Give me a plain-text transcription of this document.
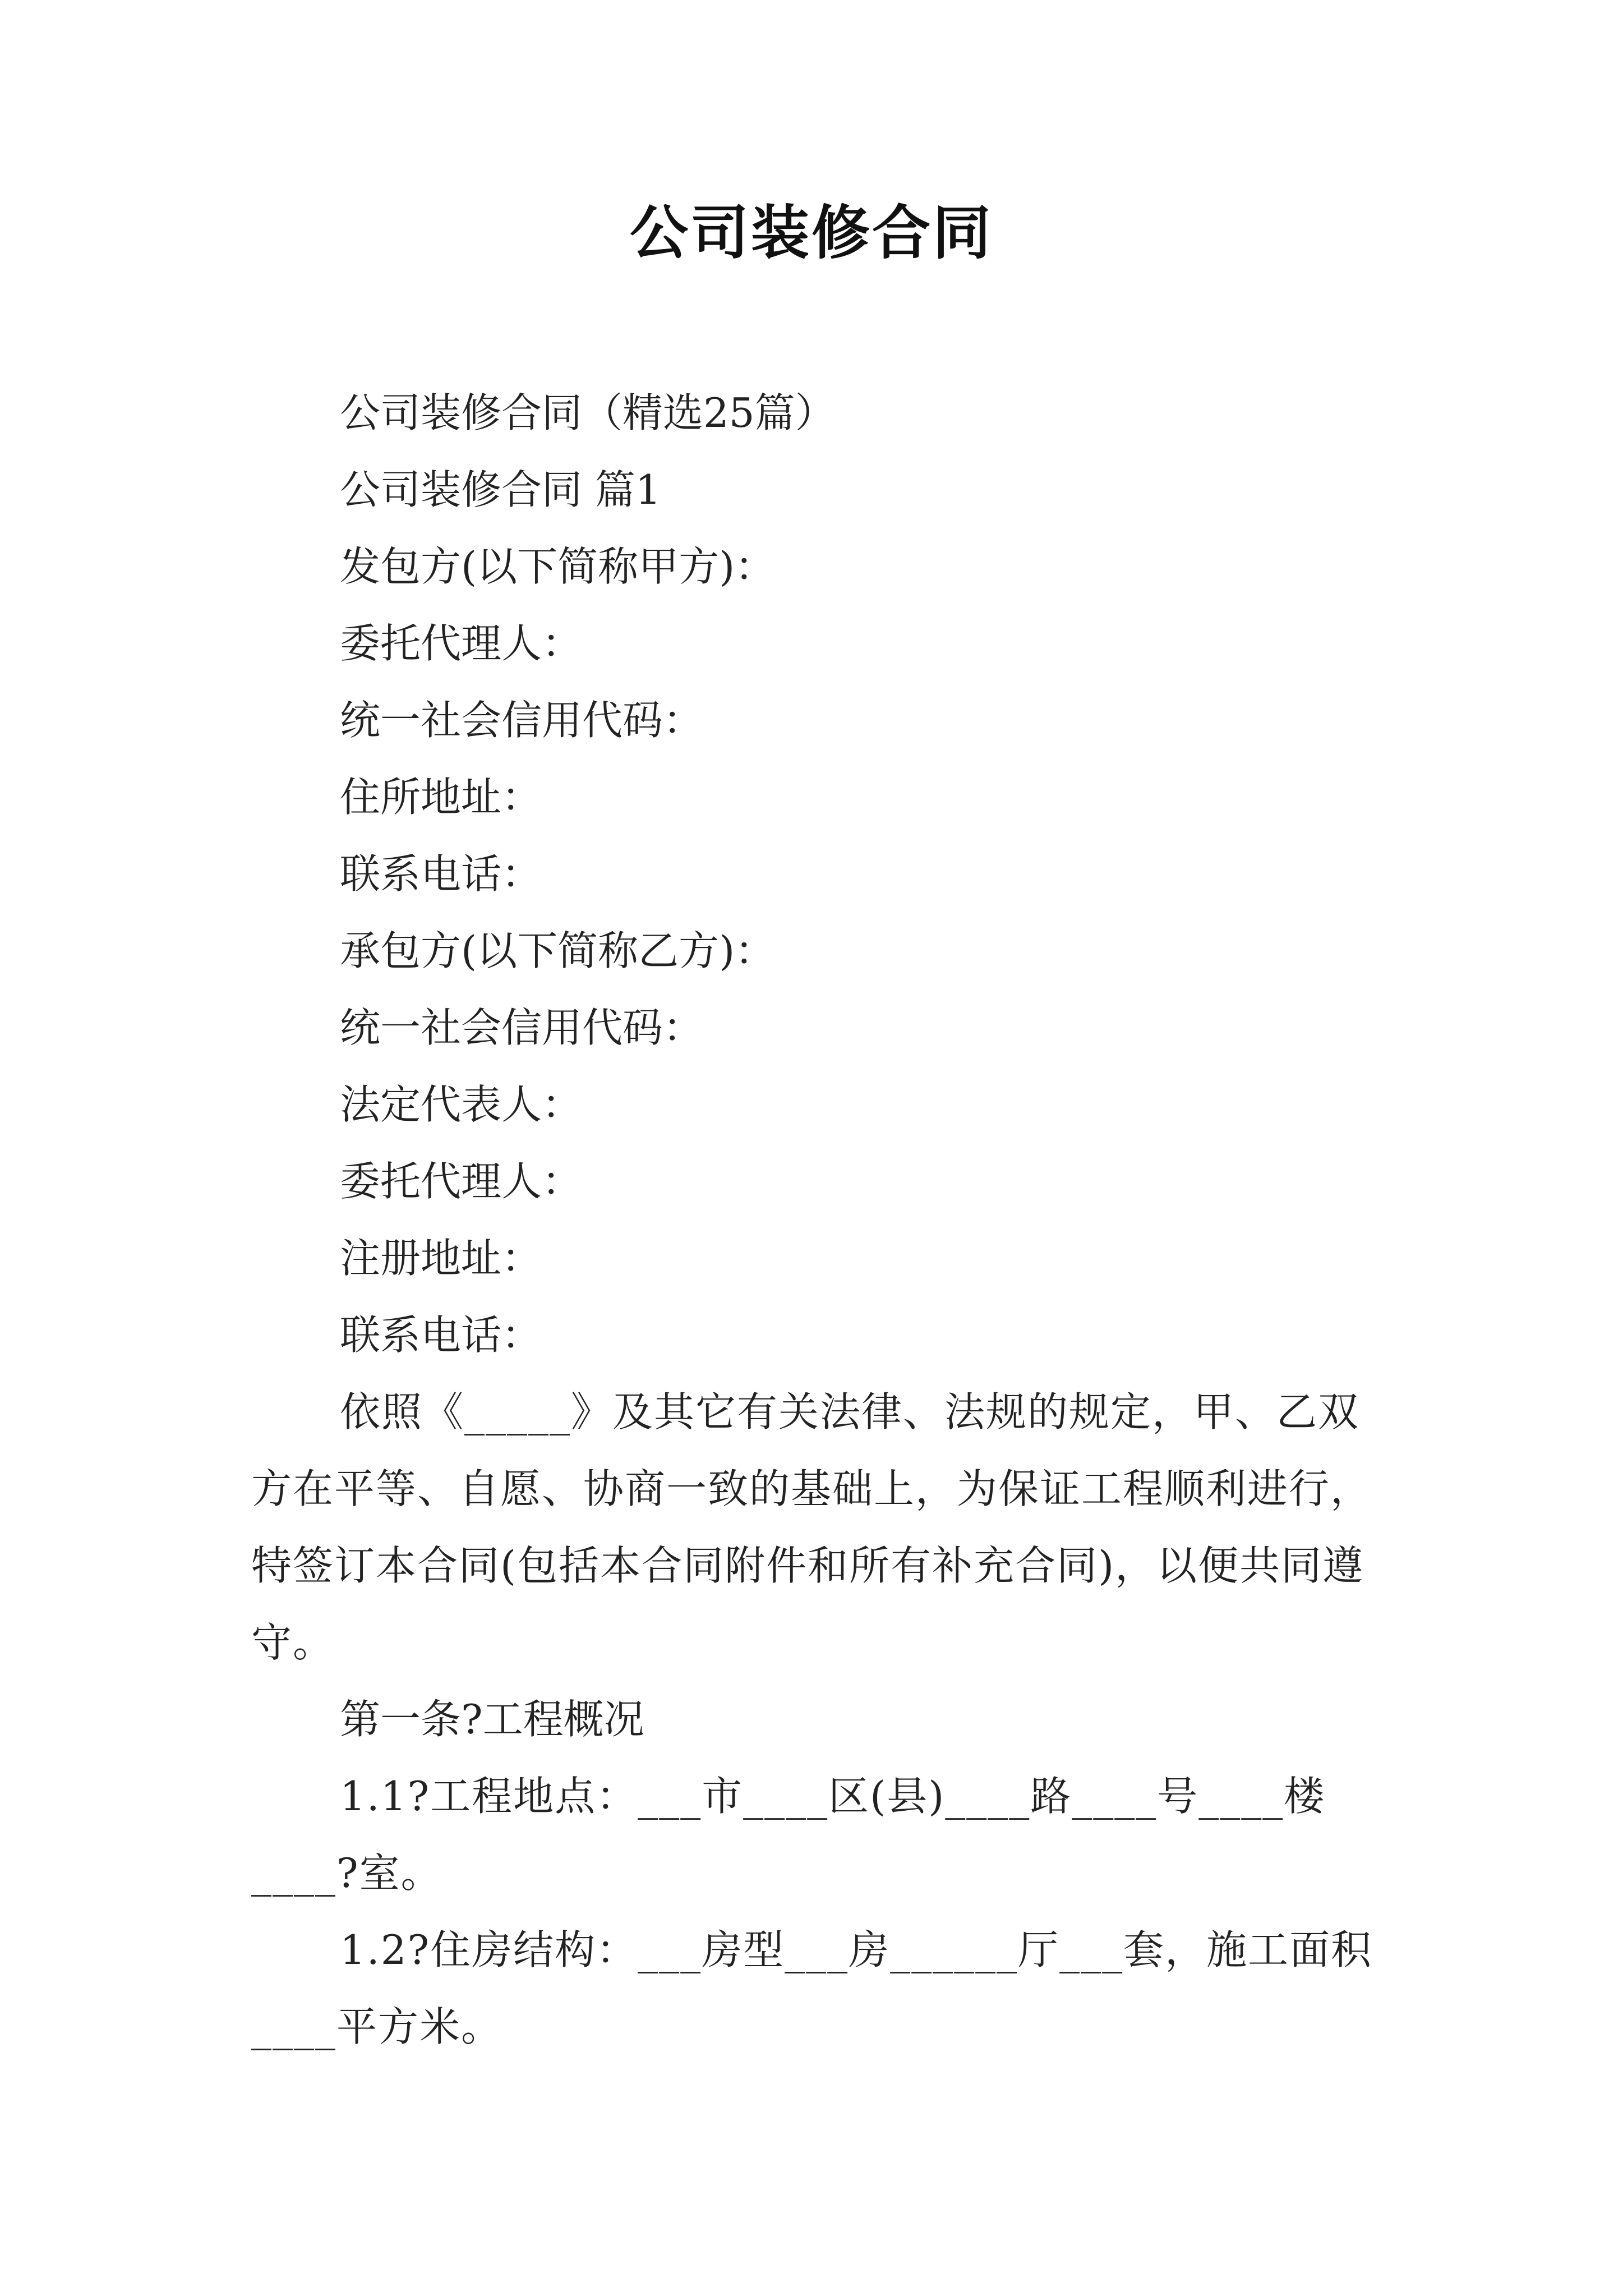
公司装修合同
公司装修合同（精选25篇）
公司装修合同 篇1
发包方(以下简称甲方)：
委托代理人：
统一社会信用代码：
住所地址：
联系电话：
承包方(以下简称乙方)：
统一社会信用代码：
法定代表人：
委托代理人：
注册地址：
联系电话：

依照《_____》及其它有关法律、法规的规定，甲、乙双方在平等、自愿、协商一致的基础上，为保证工程顺利进行，特签订本合同(包括本合同附件和所有补充合同)，以便共同遵守。

第一条?工程概况

1.1?工程地点：___市____区(县)____路____号____楼____?室。

1.2?住房结构：___房型___房______厅___套，施工面积____平方米。
